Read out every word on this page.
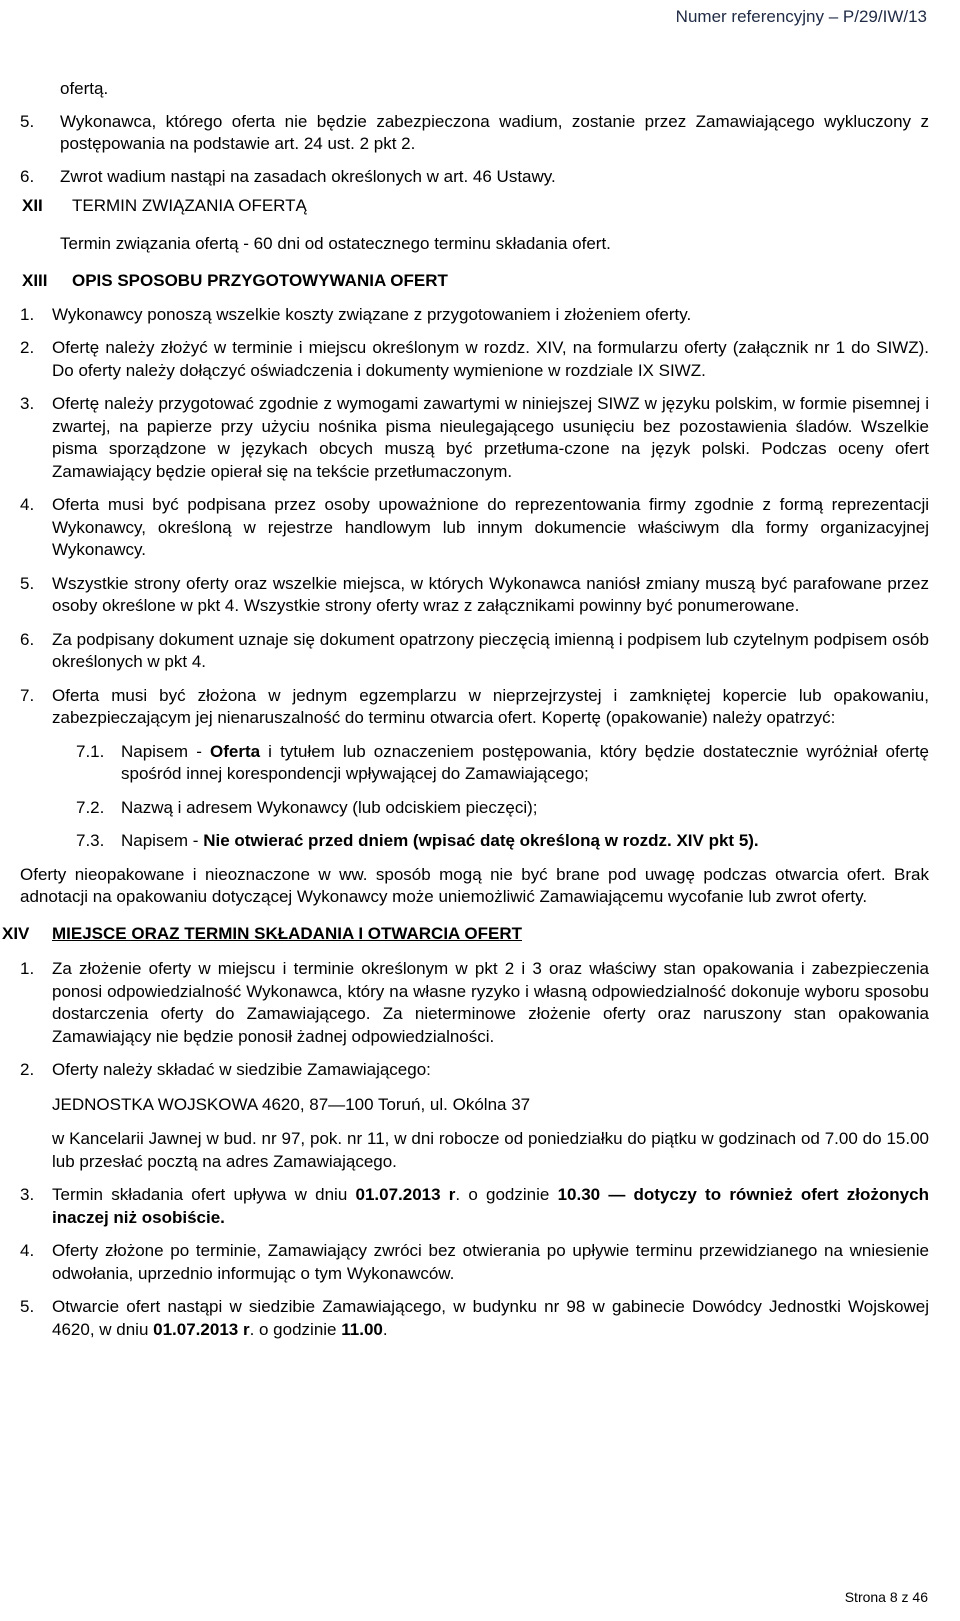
Numer referencyjny – P/29/IW/13
ofertą.
5. Wykonawca, którego oferta nie będzie zabezpieczona wadium, zostanie przez Zamawiającego wykluczony z postępowania na podstawie art. 24 ust. 2 pkt 2.

6. Zwrot wadium nastąpi na zasadach określonych w art. 46 Ustawy.

XII TERMIN ZWIĄZANIA OFERTĄ
Termin związania ofertą - 60 dni od ostatecznego terminu składania ofert.
XIII OPIS SPOSOBU PRZYGOTOWYWANIA OFERT
1. Wykonawcy ponoszą wszelkie koszty związane z przygotowaniem i złożeniem oferty.

2. Ofertę należy złożyć w terminie i miejscu określonym w rozdz. XIV, na formularzu oferty (załącznik nr 1 do SIWZ). Do oferty należy dołączyć oświadczenia i dokumenty wymienione w rozdziale IX SIWZ.

3. Ofertę należy przygotować zgodnie z wymogami zawartymi w niniejszej SIWZ w języku polskim, w formie pisemnej i zwartej, na papierze przy użyciu nośnika pisma nieulegającego usunięciu bez pozostawienia śladów. Wszelkie pisma sporządzone w językach obcych muszą być przetłuma-czone na język polski. Podczas oceny ofert Zamawiający będzie opierał się na tekście przetłumaczonym.

4. Oferta musi być podpisana przez osoby upoważnione do reprezentowania firmy zgodnie z formą reprezentacji Wykonawcy, określoną w rejestrze handlowym lub innym dokumencie właściwym dla formy organizacyjnej Wykonawcy.

5. Wszystkie strony oferty oraz wszelkie miejsca, w których Wykonawca naniósł zmiany muszą być parafowane przez osoby określone w pkt 4. Wszystkie strony oferty wraz z załącznikami powinny być ponumerowane.

6. Za podpisany dokument uznaje się dokument opatrzony pieczęcią imienną i podpisem lub czytelnym podpisem osób określonych w pkt 4.

7. Oferta musi być złożona w jednym egzemplarzu w nieprzejrzystej i zamkniętej kopercie lub opakowaniu, zabezpieczającym jej nienaruszalność do terminu otwarcia ofert. Kopertę (opakowanie) należy opatrzyć:

7.1. Napisem - Oferta i tytułem lub oznaczeniem postępowania, który będzie dostatecznie wyróżniał ofertę spośród innej korespondencji wpływającej do Zamawiającego;

7.2. Nazwą i adresem Wykonawcy (lub odciskiem pieczęci);

7.3. Napisem - Nie otwierać przed dniem (wpisać datę określoną w rozdz. XIV pkt 5).

Oferty nieopakowane i nieoznaczone w ww. sposób mogą nie być brane pod uwagę podczas otwarcia ofert. Brak adnotacji na opakowaniu dotyczącej Wykonawcy może uniemożliwić Zamawiającemu wycofanie lub zwrot oferty.

XIV MIEJSCE ORAZ TERMIN SKŁADANIA I OTWARCIA OFERT
1. Za złożenie oferty w miejscu i terminie określonym w pkt 2 i 3 oraz właściwy stan opakowania i zabezpieczenia ponosi odpowiedzialność Wykonawca, który na własne ryzyko i własną odpowiedzialność dokonuje wyboru sposobu dostarczenia oferty do Zamawiającego. Za nieterminowe złożenie oferty oraz naruszony stan opakowania Zamawiający nie będzie ponosił żadnej odpowiedzialności.

2. Oferty należy składać w siedzibie Zamawiającego:

JEDNOSTKA WOJSKOWA 4620, 87—100 Toruń, ul. Okólna 37

w Kancelarii Jawnej w bud. nr 97, pok. nr 11, w dni robocze od poniedziałku do piątku w godzinach od 7.00 do 15.00 lub przesłać pocztą na adres Zamawiającego.

3. Termin składania ofert upływa w dniu 01.07.2013 r. o godzinie 10.30 — dotyczy to również ofert złożonych inaczej niż osobiście.

4. Oferty złożone po terminie, Zamawiający zwróci bez otwierania po upływie terminu przewidzianego na wniesienie odwołania, uprzednio informując o tym Wykonawców.

5. Otwarcie ofert nastąpi w siedzibie Zamawiającego, w budynku nr 98 w gabinecie Dowódcy Jednostki Wojskowej 4620, w dniu 01.07.2013 r. o godzinie 11.00.

Strona 8 z 46
